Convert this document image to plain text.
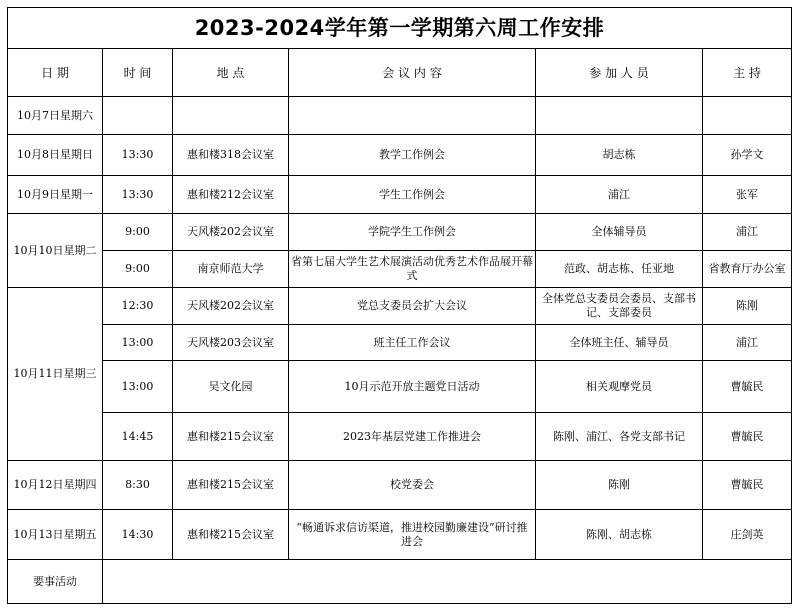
2023-2024学年第一学期第六周工作安排					
日 期	时 间	地 点	会 议 内 容	参 加 人 员	主 持
10月7日星期六					
10月8日星期日	13:30	惠和楼318会议室	教学工作例会	胡志栋	孙学文
10月9日星期一	13:30	惠和楼212会议室	学生工作例会	浦江	张军
10月10日星期二	9:00	天风楼202会议室	学院学生工作例会	全体辅导员	浦江
	9:00	南京师范大学	省第七届大学生艺术展演活动优秀艺术作品展开幕式	范政、胡志栋、任亚地	省教育厅办公室
10月11日星期三	12:30	天风楼202会议室	党总支委员会扩大会议	全体党总支委员会委员、支部书记、支部委员	陈刚
	13:00	天风楼203会议室	班主任工作会议	全体班主任、辅导员	浦江
	13:00	吴文化园	10月示范开放主题党日活动	相关观摩党员	曹毓民
	14:45	惠和楼215会议室	2023年基层党建工作推进会	陈刚、浦江、各党支部书记	曹毓民
10月12日星期四	8:30	惠和楼215会议室	校党委会	陈刚	曹毓民
10月13日星期五	14:30	惠和楼215会议室	“畅通诉求信访渠道，推进校园勤廉建设”研讨推进会	陈刚、胡志栋	庄剑英
要事活动					
